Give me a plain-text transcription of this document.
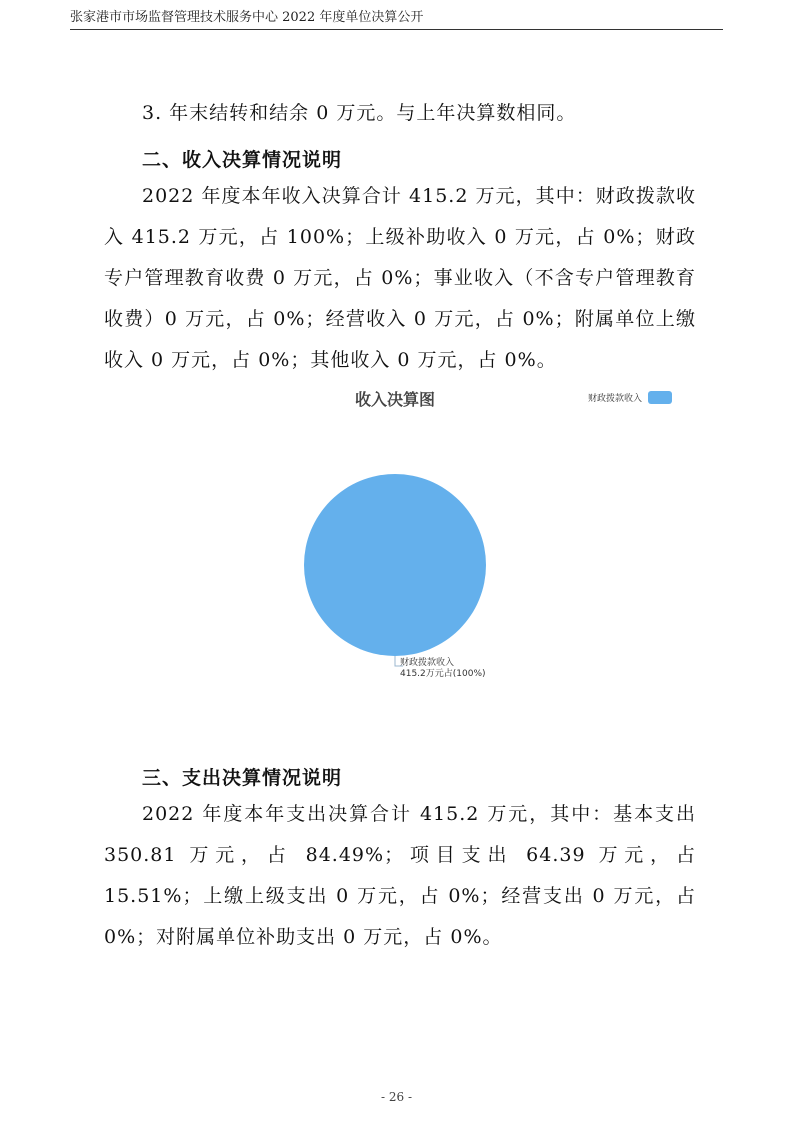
张家港市市场监督管理技术服务中心 2022 年度单位决算公开

3. 年末结转和结余 0 万元。与上年决算数相同。

二、收入决算情况说明

2022 年度本年收入决算合计 415.2 万元，其中：财政拨款收入 415.2 万元，占 100%；上级补助收入 0 万元，占 0%；财政专户管理教育收费 0 万元，占 0%；事业收入（不含专户管理教育收费）0 万元，占 0%；经营收入 0 万元，占 0%；附属单位上缴收入 0 万元，占 0%；其他收入 0 万元，占 0%。

收入决算图	财政拨款收入
财政拨款收入
415.2万元占(100%)
三、支出决算情况说明

2022 年度本年支出决算合计 415.2 万元，其中：基本支出 350.81 万元，占 84.49%；项目支出 64.39 万元，占 15.51%；上缴上级支出 0 万元，占 0%；经营支出 0 万元，占 0%；对附属单位补助支出 0 万元，占 0%。

- 26 -
